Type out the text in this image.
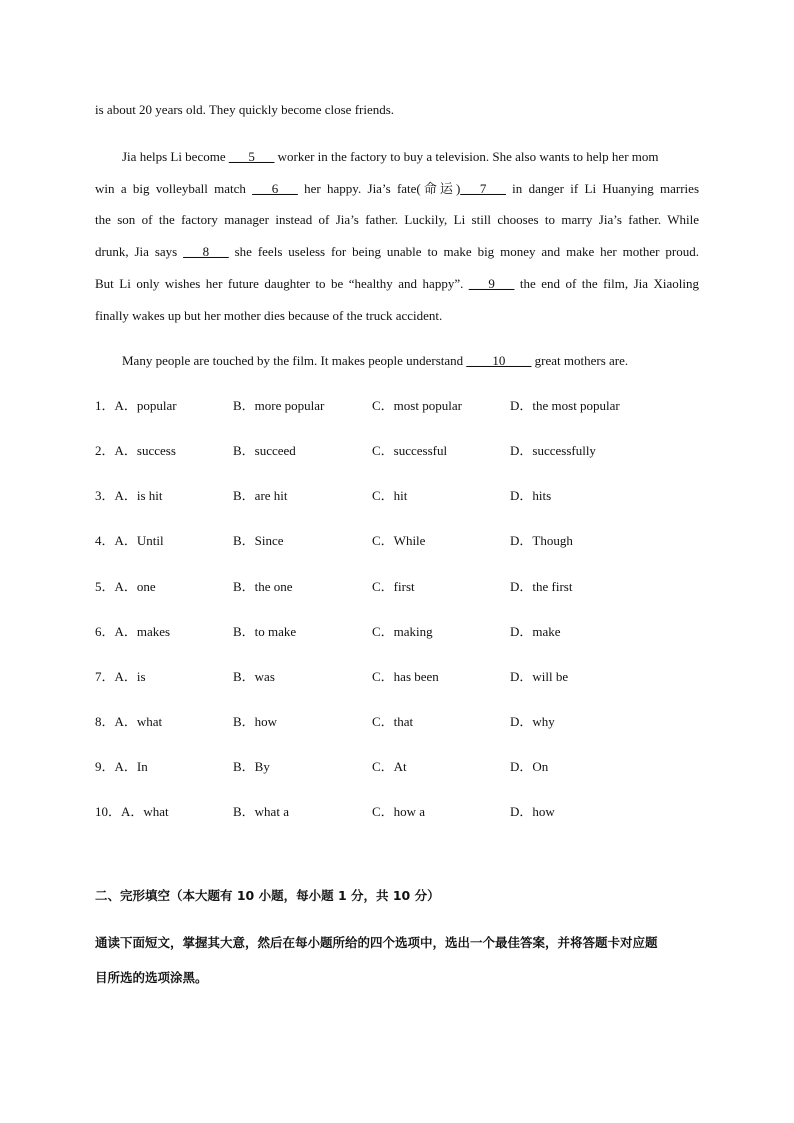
is about 20 years old. They quickly become close friends.
Jia helps Li become ___5___ worker in the factory to buy a television. She also wants to help her mom
win a big volleyball match ___6___ her happy. Jia’s fate(命运)___7___ in danger if Li Huanying marries
the son of the factory manager instead of Jia’s father. Luckily, Li still chooses to marry Jia’s father. While
drunk, Jia says ___8___ she feels useless for being unable to make big money and make her mother proud.
But Li only wishes her future daughter to be “healthy and happy”. ___9___ the end of the film, Jia Xiaoling
finally wakes up but her mother dies because of the truck accident.
Many people are touched by the film. It makes people understand ____10____ great mothers are.
1．A．popular	B．more popular	C．most popular	D．the most popular
2．A．success	B．succeed	C．successful	D．successfully
3．A．is hit	B．are hit	C．hit	D．hits
4．A．Until	B．Since	C．While	D．Though
5．A．one	B．the one	C．first	D．the first
6．A．makes	B．to make	C．making	D．make
7．A．is	B．was	C．has been	D．will be
8．A．what	B．how	C．that	D．why
9．A．In	B．By	C．At	D．On
10．A．what	B．what a	C．how a	D．how
二、完形填空（本大题有 10 小题，每小题 1 分，共 10 分）
通读下面短文，掌握其大意，然后在每小题所给的四个选项中，选出一个最佳答案，并将答题卡对应题
目所选的选项涂黑。
